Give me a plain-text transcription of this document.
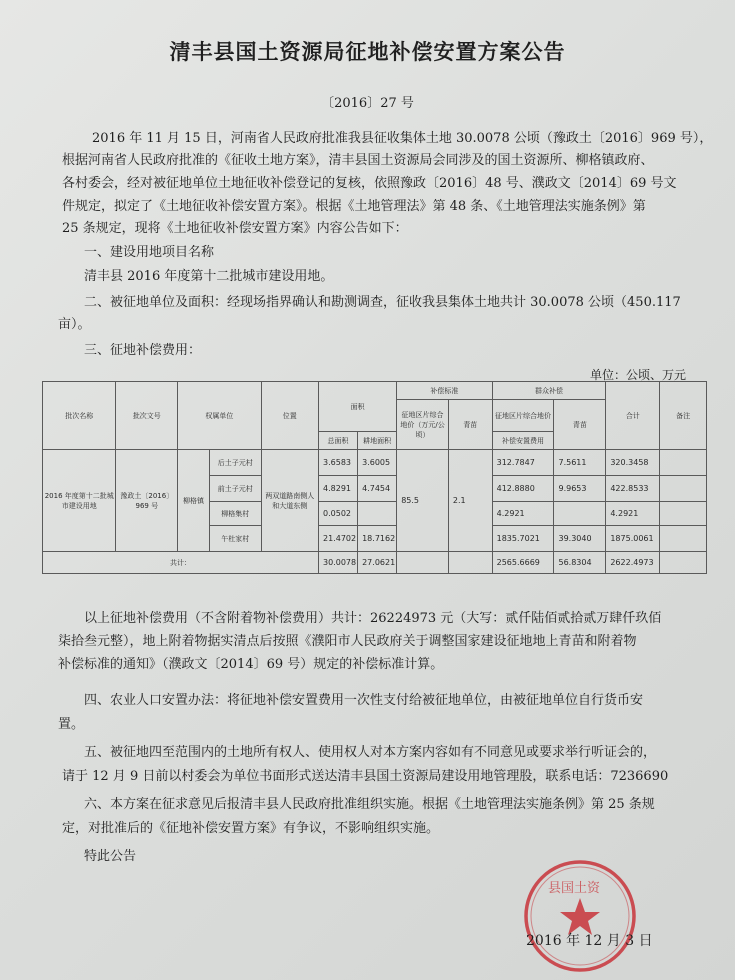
清丰县国土资源局征地补偿安置方案公告
〔2016〕27 号

2016 年 11 月 15 日，河南省人民政府批准我县征收集体土地 30.0078 公顷（豫政土〔2016〕969 号），

根据河南省人民政府批准的《征收土地方案》，清丰县国土资源局会同涉及的国土资源所、柳格镇政府、

各村委会，经对被征地单位土地征收补偿登记的复核，依照豫政〔2016〕48 号、濮政文〔2014〕69 号文

件规定，拟定了《土地征收补偿安置方案》。根据《土地管理法》第 48 条、《土地管理法实施条例》第

25 条规定，现将《土地征收补偿安置方案》内容公告如下：

一、建设用地项目名称

清丰县 2016 年度第十二批城市建设用地。

二、被征地单位及面积：经现场指界确认和勘测调查，征收我县集体土地共计 30.0078 公顷（450.117

亩）。

三、征地补偿费用：

单位：公顷、万元
批次名称	批次文号	权属单位		位置	面积		补偿标准		群众补偿		合计	备注
							征地区片综合地价（万元/公顷）	青苗	征地区片综合地价	青苗		
					总面积	耕地面积			补偿安置费用			
2016 年度第十二批城市建设用地	豫政土〔2016〕969 号	柳格镇	后土子元村	两双道路南侧人和大道东侧	3.6583	3.6005	85.5	2.1	312.7847	7.5611	320.3458	
			前土子元村		4.8291	4.7454			412.8880	9.9653	422.8533	
			柳格集村		0.0502				4.2921		4.2921	
			午杜家村		21.4702	18.7162			1835.7021	39.3040	1875.0061	
共计：					30.0078	27.0621			2565.6669	56.8304	2622.4973	

以上征地补偿费用（不含附着物补偿费用）共计：26224973 元（大写：贰仟陆佰贰拾贰万肆仟玖佰

柒拾叁元整），地上附着物据实清点后按照《濮阳市人民政府关于调整国家建设征地地上青苗和附着物

补偿标准的通知》（濮政文〔2014〕69 号）规定的补偿标准计算。

四、农业人口安置办法：将征地补偿安置费用一次性支付给被征地单位，由被征地单位自行货币安

置。

五、被征地四至范围内的土地所有权人、使用权人对本方案内容如有不同意见或要求举行听证会的，

请于 12 月 9 日前以村委会为单位书面形式送达清丰县国土资源局建设用地管理股，联系电话：7236690

六、本方案在征求意见后报清丰县人民政府批准组织实施。根据《土地管理法实施条例》第 25 条规

定，对批准后的《征地补偿安置方案》有争议，不影响组织实施。

特此公告

县国土资
2016 年 12 月 3 日
